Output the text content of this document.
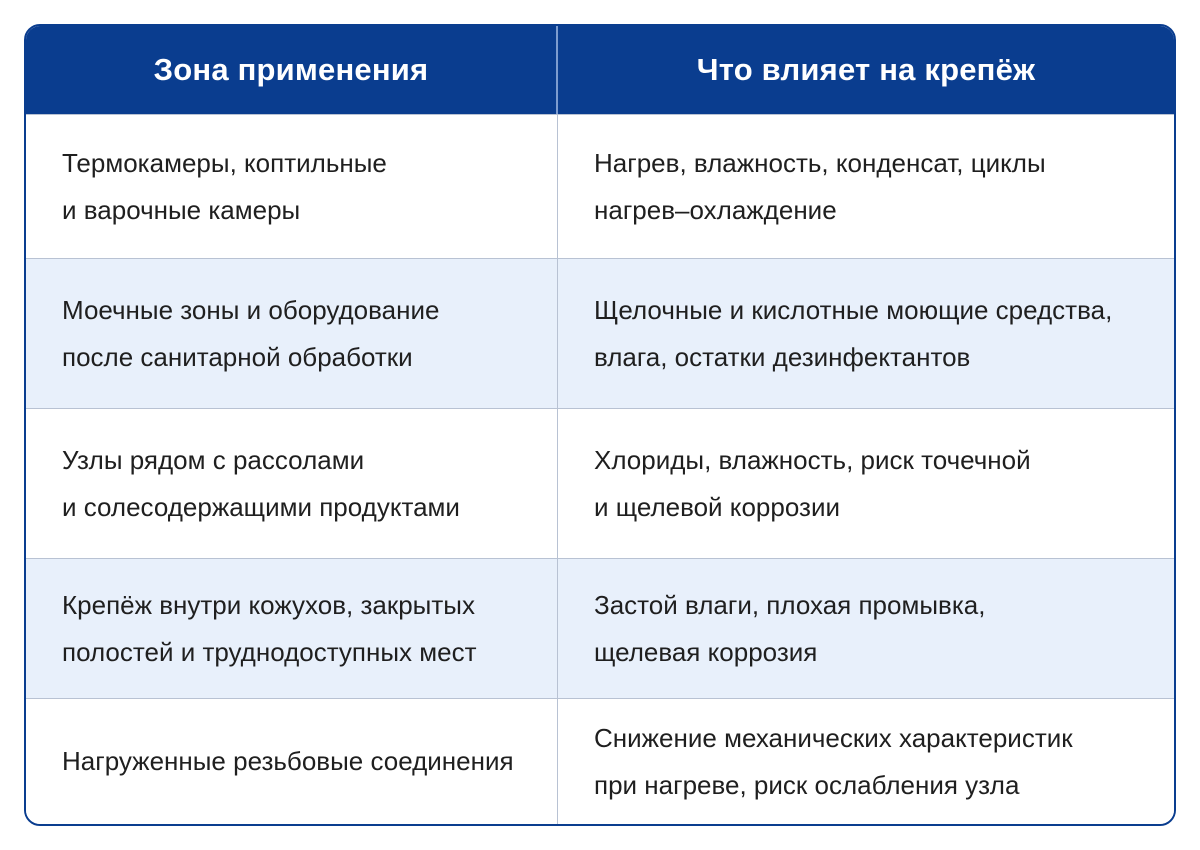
Зона применения	Что влияет на крепёж
Термокамеры, коптильные
и варочные камеры
Нагрев, влажность, конденсат, циклы
нагрев–охлаждение
Моечные зоны и оборудование
после санитарной обработки
Щелочные и кислотные моющие средства,
влага, остатки дезинфектантов
Узлы рядом с рассолами
и солесодержащими продуктами
Хлориды, влажность, риск точечной
и щелевой коррозии
Крепёж внутри кожухов, закрытых
полостей и труднодоступных мест
Застой влаги, плохая промывка,
щелевая коррозия
Нагруженные резьбовые соединения
Снижение механических характеристик
при нагреве, риск ослабления узла
